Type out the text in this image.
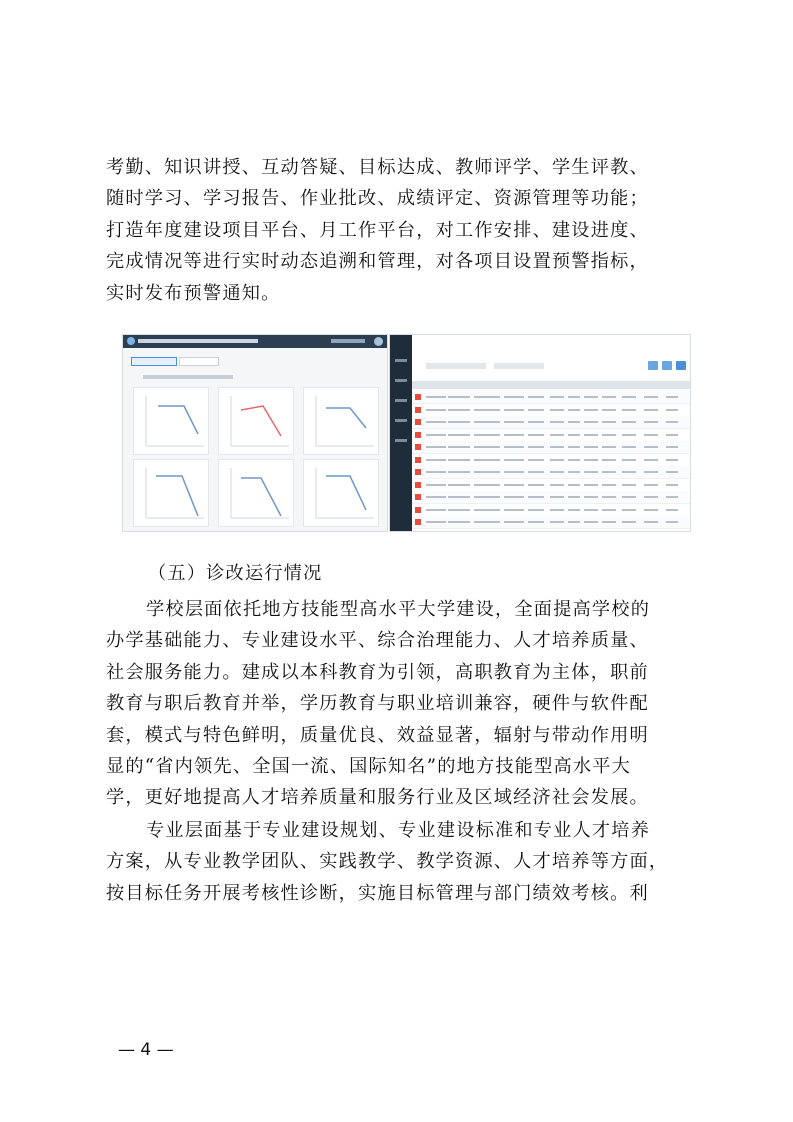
考勤、知识讲授、互动答疑、目标达成、教师评学、学生评教、
随时学习、学习报告、作业批改、成绩评定、资源管理等功能；
打造年度建设项目平台、月工作平台，对工作安排、建设进度、
完成情况等进行实时动态追溯和管理，对各项目设置预警指标，
实时发布预警通知。
（五）诊改运行情况
学校层面依托地方技能型高水平大学建设，全面提高学校的
办学基础能力、专业建设水平、综合治理能力、人才培养质量、
社会服务能力。建成以本科教育为引领，高职教育为主体，职前
教育与职后教育并举，学历教育与职业培训兼容，硬件与软件配
套，模式与特色鲜明，质量优良、效益显著，辐射与带动作用明
显的“省内领先、全国一流、国际知名”的地方技能型高水平大
学，更好地提高人才培养质量和服务行业及区域经济社会发展。
专业层面基于专业建设规划、专业建设标准和专业人才培养
方案，从专业教学团队、实践教学、教学资源、人才培养等方面，
按目标任务开展考核性诊断，实施目标管理与部门绩效考核。利
— 4 —
